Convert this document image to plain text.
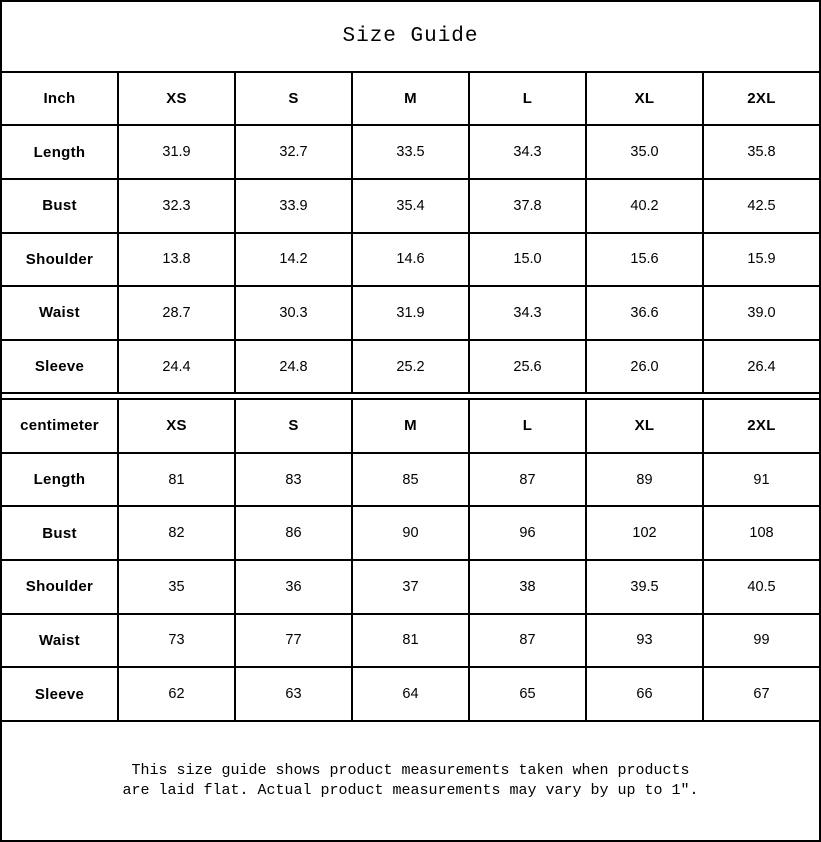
Size Guide						
Inch	XS	S	M	L	XL	2XL
Length	31.9	32.7	33.5	34.3	35.0	35.8
Bust	32.3	33.9	35.4	37.8	40.2	42.5
Shoulder	13.8	14.2	14.6	15.0	15.6	15.9
Waist	28.7	30.3	31.9	34.3	36.6	39.0
Sleeve	24.4	24.8	25.2	25.6	26.0	26.4

centimeter	XS	S	M	L	XL	2XL
Length	81	83	85	87	89	91
Bust	82	86	90	96	102	108
Shoulder	35	36	37	38	39.5	40.5
Waist	73	77	81	87	93	99
Sleeve	62	63	64	65	66	67

This size guide shows product measurements taken when products
are laid flat. Actual product measurements may vary by up to 1″.						
